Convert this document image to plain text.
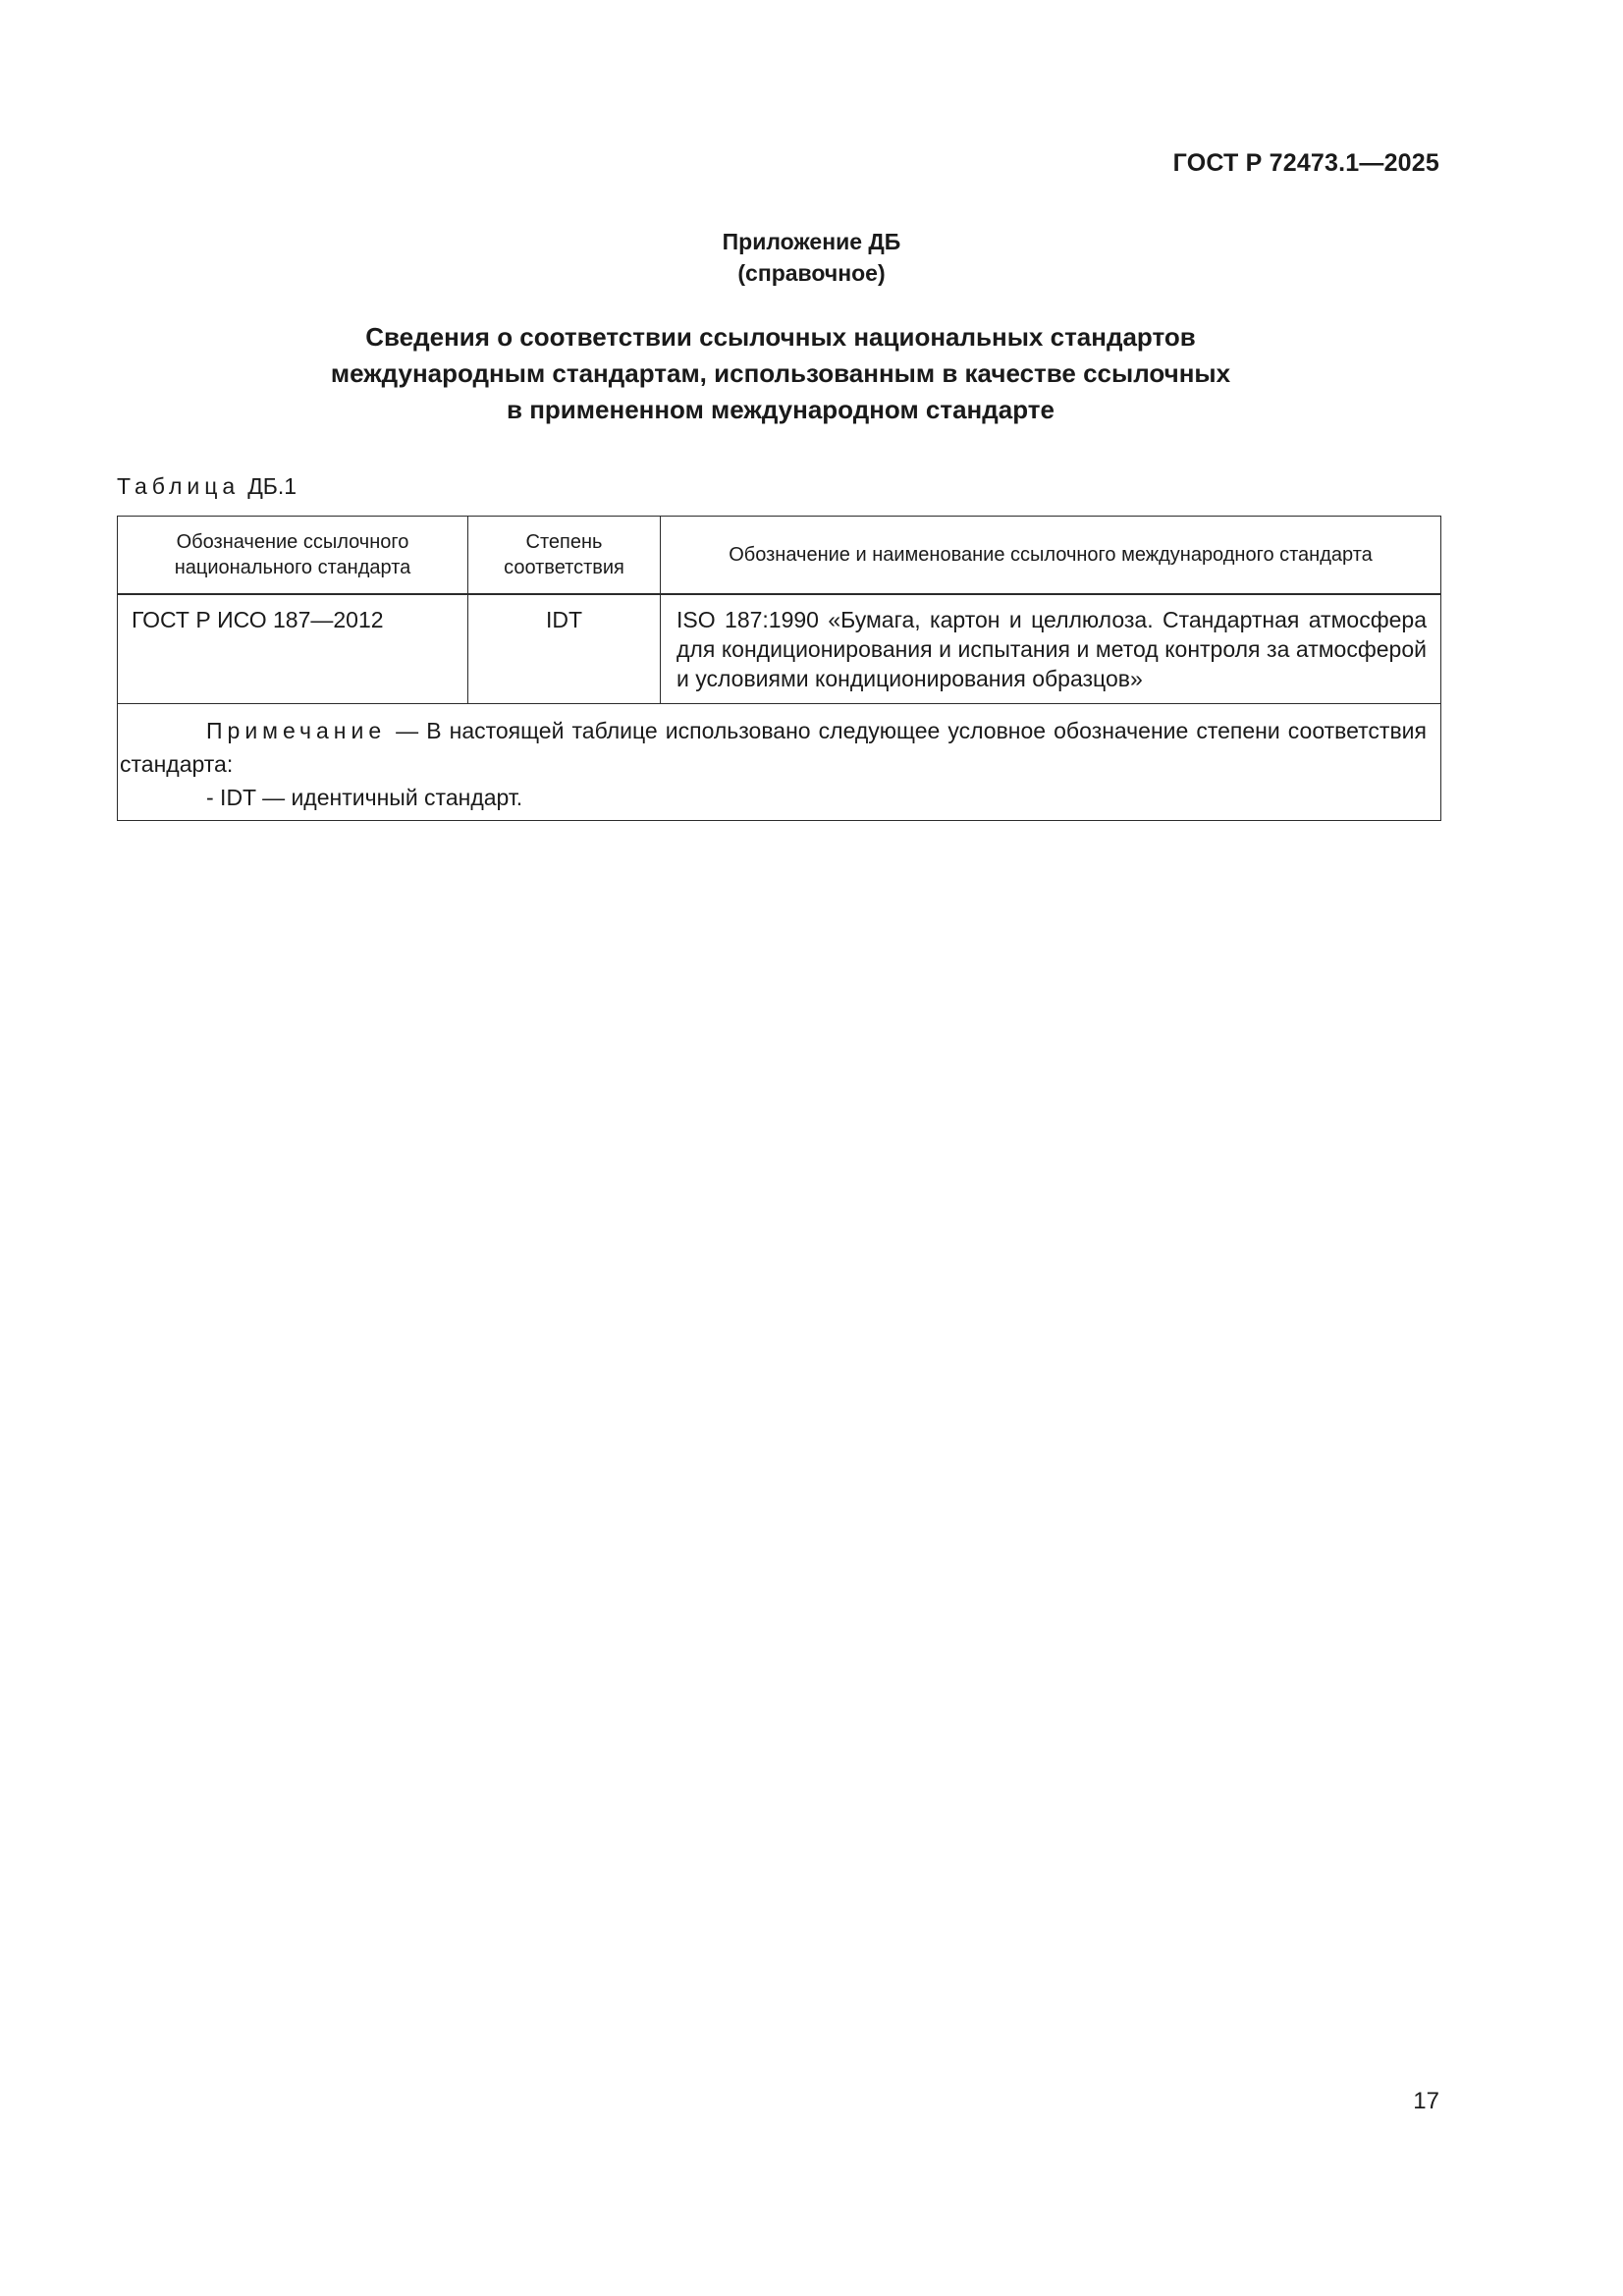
ГОСТ Р 72473.1—2025
Приложение ДБ
(справочное)
Сведения о соответствии ссылочных национальных стандартов
международным стандартам, использованным в качестве ссылочных
в примененном международном стандарте
Таблица ДБ.1
Обозначение ссылочного национального стандарта	Степень соответствия	Обозначение и наименование ссылочного международного стандарта

ГОСТ Р ИСО 187—2012	IDT	ISO 187:1990 «Бумага, картон и целлюлоза. Стандартная атмосфера для кондиционирования и испытания и метод контроля за атмосферой и условиями кондиционирования образцов»

Примечание — В настоящей таблице использовано следующее условное обозначение степени соответствия стандарта:
- IDT — идентичный стандарт.		
17
